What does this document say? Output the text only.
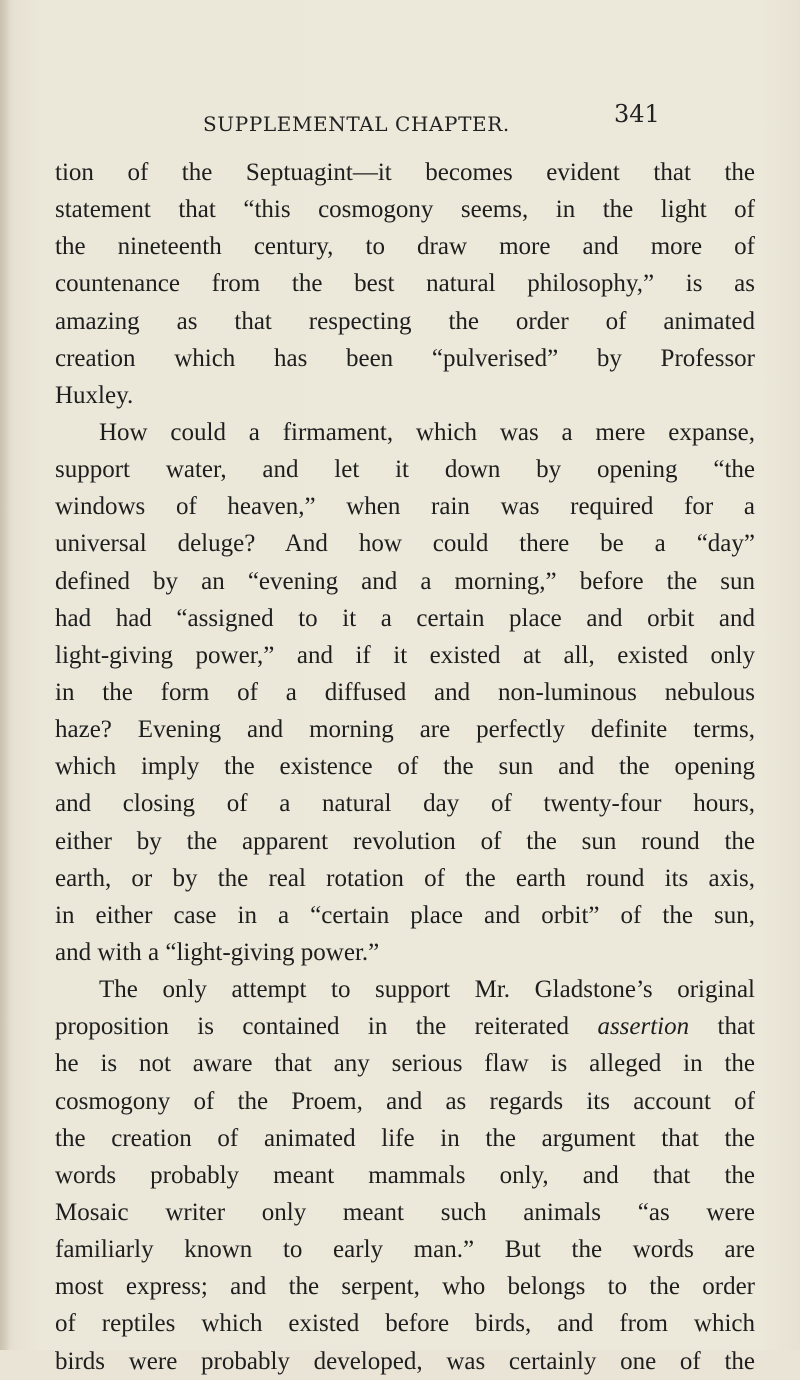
SUPPLEMENTAL CHAPTER.	341
tion of the Septuagint—it becomes evident that the
statement that “this cosmogony seems, in the light of
the nineteenth century, to draw more and more of
countenance from the best natural philosophy,” is as
amazing as that respecting the order of animated
creation which has been “pulverised” by Professor
Huxley.
How could a firmament, which was a mere expanse,
support water, and let it down by opening “the
windows of heaven,” when rain was required for a
universal deluge? And how could there be a “day”
defined by an “evening and a morning,” before the sun
had had “assigned to it a certain place and orbit and
light-giving power,” and if it existed at all, existed only
in the form of a diffused and non-luminous nebulous
haze? Evening and morning are perfectly definite terms,
which imply the existence of the sun and the opening
and closing of a natural day of twenty-four hours,
either by the apparent revolution of the sun round the
earth, or by the real rotation of the earth round its axis,
in either case in a “certain place and orbit” of the sun,
and with a “light-giving power.”
The only attempt to support Mr. Gladstone’s original
proposition is contained in the reiterated assertion that
he is not aware that any serious flaw is alleged in the
cosmogony of the Proem, and as regards its account of
the creation of animated life in the argument that the
words probably meant mammals only, and that the
Mosaic writer only meant such animals “as were
familiarly known to early man.” But the words are
most express; and the serpent, who belongs to the order
of reptiles which existed before birds, and from which
birds were probably developed, was certainly one of the
